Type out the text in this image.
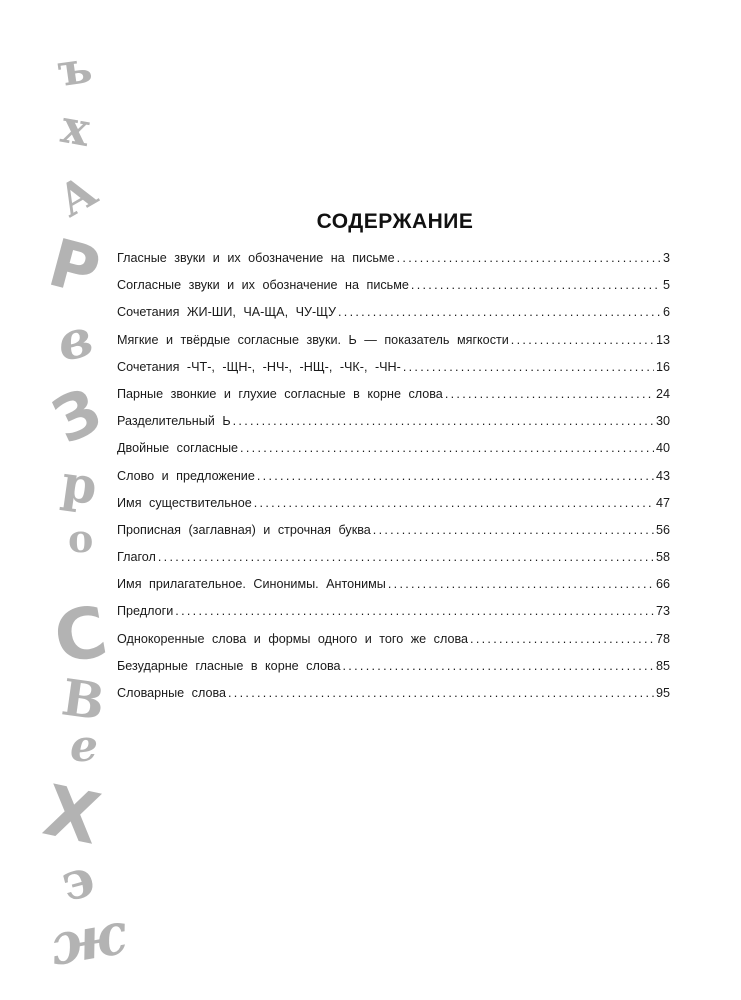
ъ
х
А
Р
в
З
р
о
С
В
е
Х
э
ж
СОДЕРЖАНИЕ
Гласные звуки и их обозначение на письме . . .	3
Согласные звуки и их обозначение на письме . . .	5
Сочетания ЖИ-ШИ, ЧА-ЩА, ЧУ-ЩУ . . .	6
Мягкие и твёрдые согласные звуки. Ь — показатель мягкости . . .	13
Сочетания -ЧТ-, -ЩН-, -НЧ-, -НЩ-, -ЧК-, -ЧН- . . .	16
Парные звонкие и глухие согласные в корне слова . . .	24
Разделительный Ь . . .	30
Двойные согласные . . .	40
Слово и предложение . . .	43
Имя существительное . . .	47
Прописная (заглавная) и строчная буква . . .	56
Глагол . . .	58
Имя прилагательное. Синонимы. Антонимы . . .	66
Предлоги . . .	73
Однокоренные слова и формы одного и того же слова . . .	78
Безударные гласные в корне слова . . .	85
Словарные слова . . .	95
